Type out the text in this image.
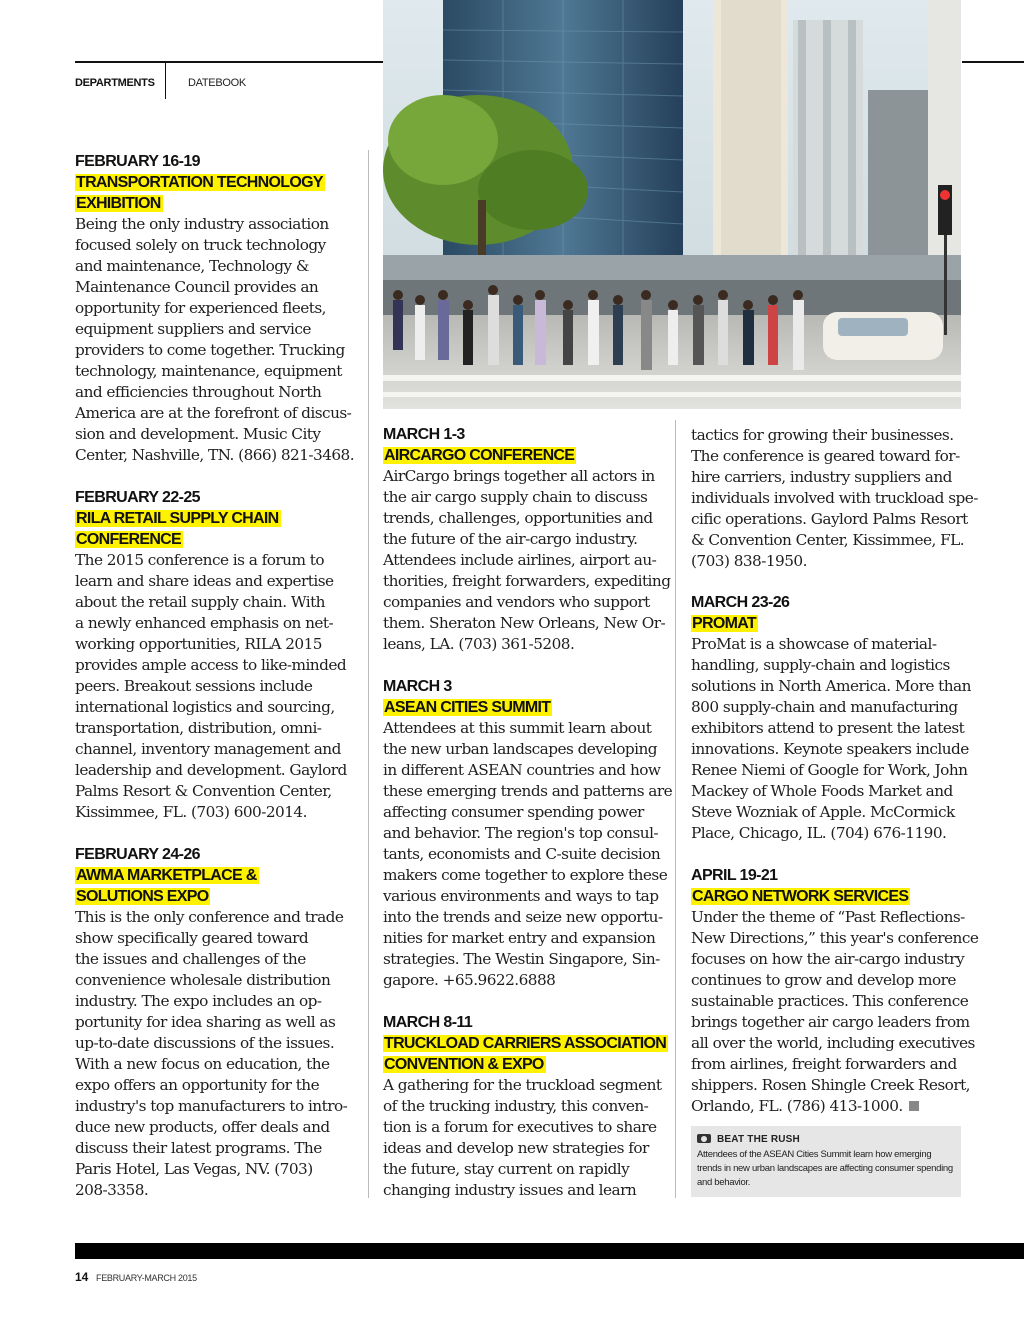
DEPARTMENTS	DATEBOOK
FEBRUARY 16-19
TRANSPORTATION TECHNOLOGY
EXHIBITION
Being the only industry association
focused solely on truck technology
and maintenance, Technology &
Maintenance Council provides an
opportunity for experienced fleets,
equipment suppliers and service
providers to come together. Trucking
technology, maintenance, equipment
and efficiencies throughout North
America are at the forefront of discus-
sion and development. Music City
Center, Nashville, TN. (866) 821-3468.
FEBRUARY 22-25
RILA RETAIL SUPPLY CHAIN
CONFERENCE
The 2015 conference is a forum to
learn and share ideas and expertise
about the retail supply chain. With
a newly enhanced emphasis on net-
working opportunities, RILA 2015
provides ample access to like-minded
peers. Breakout sessions include
international logistics and sourcing,
transportation, distribution, omni-
channel, inventory management and
leadership and development. Gaylord
Palms Resort & Convention Center,
Kissimmee, FL. (703) 600-2014.
FEBRUARY 24-26
AWMA MARKETPLACE &
SOLUTIONS EXPO
This is the only conference and trade
show specifically geared toward
the issues and challenges of the
convenience wholesale distribution
industry. The expo includes an op-
portunity for idea sharing as well as
up-to-date discussions of the issues.
With a new focus on education, the
expo offers an opportunity for the
industry's top manufacturers to intro-
duce new products, offer deals and
discuss their latest programs. The
Paris Hotel, Las Vegas, NV. (703)
208-3358.
MARCH 1-3
AIRCARGO CONFERENCE
AirCargo brings together all actors in
the air cargo supply chain to discuss
trends, challenges, opportunities and
the future of the air-cargo industry.
Attendees include airlines, airport au-
thorities, freight forwarders, expediting
companies and vendors who support
them. Sheraton New Orleans, New Or-
leans, LA. (703) 361-5208.
MARCH 3
ASEAN CITIES SUMMIT
Attendees at this summit learn about
the new urban landscapes developing
in different ASEAN countries and how
these emerging trends and patterns are
affecting consumer spending power
and behavior. The region's top consul-
tants, economists and C-suite decision
makers come together to explore these
various environments and ways to tap
into the trends and seize new opportu-
nities for market entry and expansion
strategies. The Westin Singapore, Sin-
gapore. +65.9622.6888
MARCH 8-11
TRUCKLOAD CARRIERS ASSOCIATION
CONVENTION & EXPO
A gathering for the truckload segment
of the trucking industry, this conven-
tion is a forum for executives to share
ideas and develop new strategies for
the future, stay current on rapidly
changing industry issues and learn
tactics for growing their businesses.
The conference is geared toward for-
hire carriers, industry suppliers and
individuals involved with truckload spe-
cific operations. Gaylord Palms Resort
& Convention Center, Kissimmee, FL.
(703) 838-1950.
MARCH 23-26
PROMAT
ProMat is a showcase of material-
handling, supply-chain and logistics
solutions in North America. More than
800 supply-chain and manufacturing
exhibitors attend to present the latest
innovations. Keynote speakers include
Renee Niemi of Google for Work, John
Mackey of Whole Foods Market and
Steve Wozniak of Apple. McCormick
Place, Chicago, IL. (704) 676-1190.
APRIL 19-21
CARGO NETWORK SERVICES
Under the theme of “Past Reflections-
New Directions,” this year's conference
focuses on how the air-cargo industry
continues to grow and develop more
sustainable practices. This conference
brings together air cargo leaders from
all over the world, including executives
from airlines, freight forwarders and
shippers. Rosen Shingle Creek Resort,
Orlando, FL. (786) 413-1000.
BEAT THE RUSH
Attendees of the ASEAN Cities Summit learn how emerging trends in new urban landscapes are affecting consumer spending and behavior.
14 FEBRUARY-MARCH 2015
